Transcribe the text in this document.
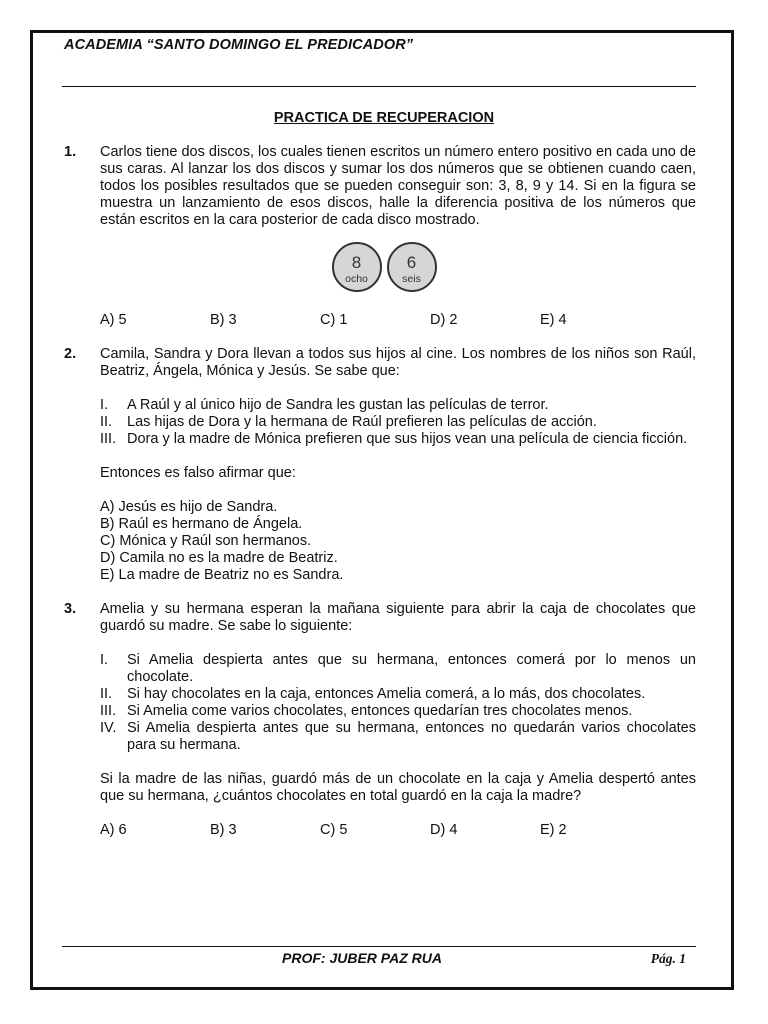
ACADEMIA “SANTO DOMINGO EL PREDICADOR”
PRACTICA DE RECUPERACION
1. Carlos tiene dos discos, los cuales tienen escritos un número entero positivo en cada uno de sus caras. Al lanzar los dos discos y sumar los dos números que se obtienen cuando caen, todos los posibles resultados que se pueden conseguir son: 3, 8, 9 y 14. Si en la figura se muestra un lanzamiento de esos discos, halle la diferencia positiva de los números que están escritos en la cara posterior de cada disco mostrado.

8
ocho
6
seis
A) 5	B) 3	C) 1	D) 2	E) 4
2. Camila, Sandra y Dora llevan a todos sus hijos al cine. Los nombres de los niños son Raúl, Beatriz, Ángela, Mónica y Jesús. Se sabe que:

I. A Raúl y al único hijo de Sandra les gustan las películas de terror.
II. Las hijas de Dora y la hermana de Raúl prefieren las películas de acción.
III. Dora y la madre de Mónica prefieren que sus hijos vean una película de ciencia ficción.

Entonces es falso afirmar que:

A) Jesús es hijo de Sandra.
B) Raúl es hermano de Ángela.
C) Mónica y Raúl son hermanos.
D) Camila no es la madre de Beatriz.
E) La madre de Beatriz no es Sandra.
3. Amelia y su hermana esperan la mañana siguiente para abrir la caja de chocolates que guardó su madre. Se sabe lo siguiente:

I. Si Amelia despierta antes que su hermana, entonces comerá por lo menos un chocolate.
II. Si hay chocolates en la caja, entonces Amelia comerá, a lo más, dos chocolates.
III. Si Amelia come varios chocolates, entonces quedarían tres chocolates menos.
IV. Si Amelia despierta antes que su hermana, entonces no quedarán varios chocolates para su hermana.

Si la madre de las niñas, guardó más de un chocolate en la caja y Amelia despertó antes que su hermana, ¿cuántos chocolates en total guardó en la caja la madre?

A) 6	B) 3	C) 5	D) 4	E) 2
PROF: JUBER PAZ RUA	Pág. 1
